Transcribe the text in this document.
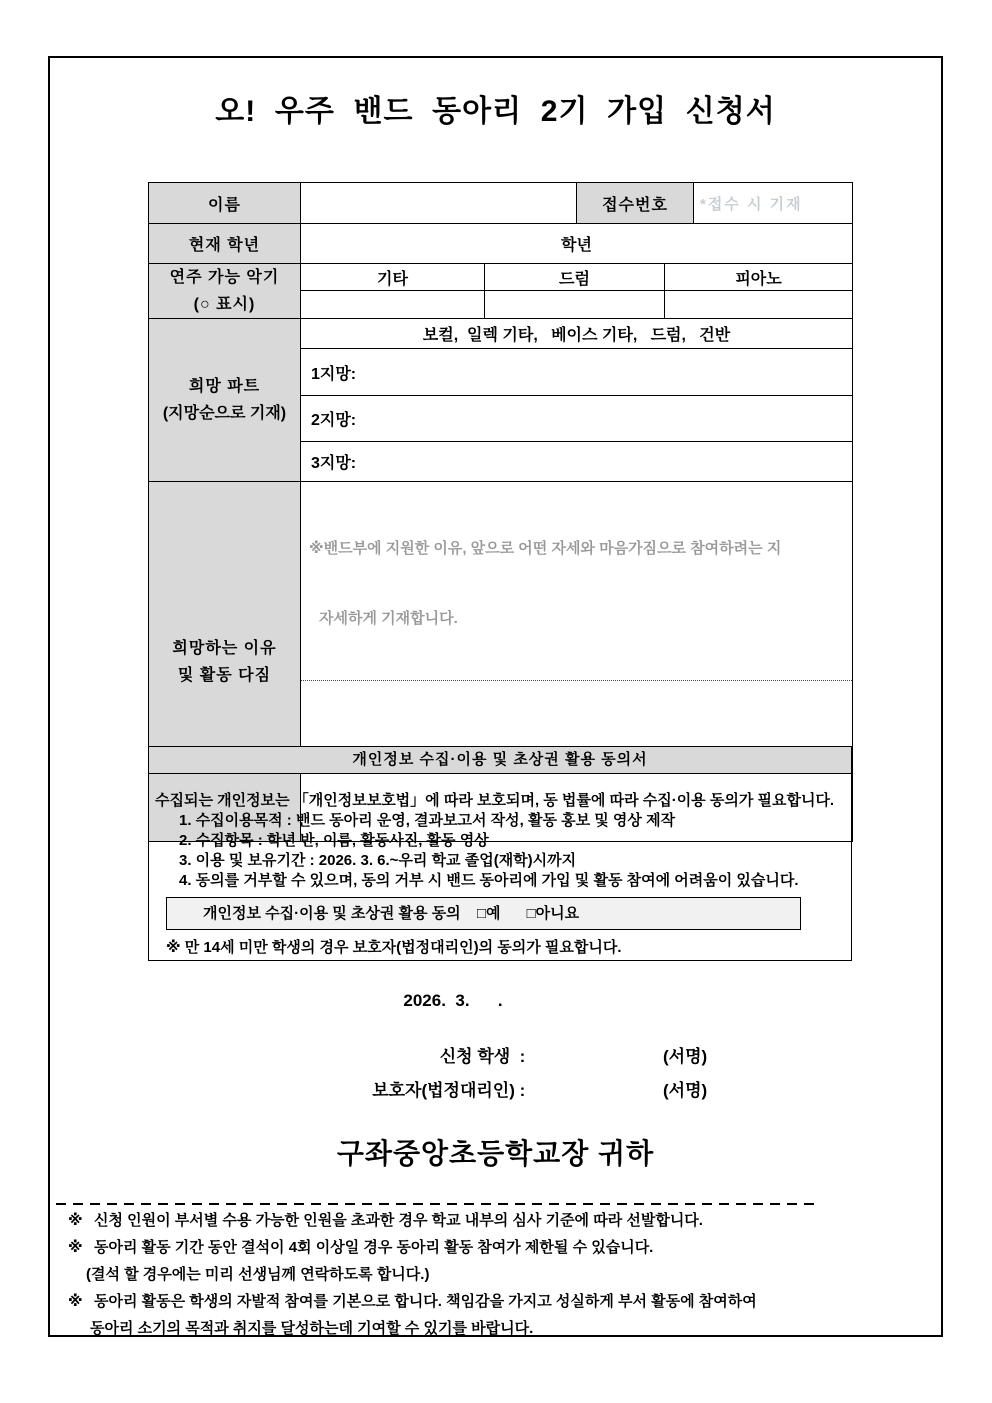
오!  우주  밴드  동아리  2기  가입  신청서
이름			접수번호		*접수 시 기재
현재 학년	학년				

연주 가능 악기
(○ 표시)	기타	드럼		피아노	

희망 파트
(지망순으로 기재)	보컬,  일렉 기타,   베이스 기타,   드럼,   건반				
	1지망:				
	2지망:				
	3지망:				

희망하는 이유
및 활동 다짐

※밴드부에 지원한 이유, 앞으로 어떤 자세와 마음가짐으로 참여하려는 지

자세하게 기재합니다.

개인정보 수집·이용 및 초상권 활용 동의서
수집되는 개인정보는 「개인정보보호법」에 따라 보호되며, 동 법률에 따라 수집·이용 동의가 필요합니다.
1. 수집이용목적 : 밴드 동아리 운영, 결과보고서 작성, 활동 홍보 및 영상 제작
2. 수집항목 : 학년 반, 이름, 활동사진, 활동 영상
3. 이용 및 보유기간 : 2026. 3. 6.~우리 학교 졸업(재학)시까지
4. 동의를 거부할 수 있으며, 동의 거부 시 밴드 동아리에 가입 및 활동 참여에 어려움이 있습니다.
개인정보 수집·이용 및 초상권 활용 동의	□예 □아니요
※ 만 14세 미만 학생의 경우 보호자(법정대리인)의 동의가 필요합니다.
2026.  3.      .
신청 학생  :	(서명)
보호자(법정대리인) :	(서명)
구좌중앙초등학교장 귀하
※ 신청 인원이 부서별 수용 가능한 인원을 초과한 경우 학교 내부의 심사 기준에 따라 선발합니다.
※ 동아리 활동 기간 동안 결석이 4회 이상일 경우 동아리 활동 참여가 제한될 수 있습니다.
(결석 할 경우에는 미리 선생님께 연락하도록 합니다.)
※ 동아리 활동은 학생의 자발적 참여를 기본으로 합니다. 책임감을 가지고 성실하게 부서 활동에 참여하여
동아리 소기의 목적과 취지를 달성하는데 기여할 수 있기를 바랍니다.
